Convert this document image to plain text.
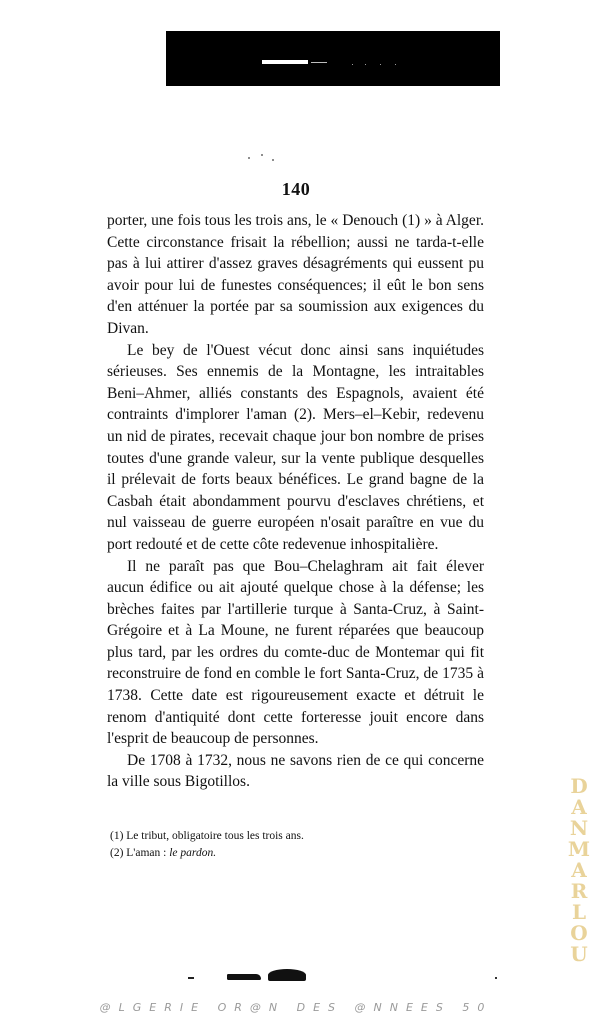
140

porter, une fois tous les trois ans, le « Denouch (1) » à Alger. Cette circonstance frisait la rébellion; aussi ne tarda-t-elle pas à lui attirer d'assez graves désagréments qui eussent pu avoir pour lui de funestes conséquences; il eût le bon sens d'en atténuer la portée par sa soumission aux exigences du Divan.

Le bey de l'Ouest vécut donc ainsi sans inquiétudes sérieuses. Ses ennemis de la Montagne, les intraitables Beni–Ahmer, alliés constants des Espagnols, avaient été contraints d'implorer l'aman (2). Mers–el–Kebir, redevenu un nid de pirates, recevait chaque jour bon nombre de prises toutes d'une grande valeur, sur la vente publique desquelles il prélevait de forts beaux bénéfices. Le grand bagne de la Casbah était abondamment pourvu d'esclaves chrétiens, et nul vaisseau de guerre européen n'osait paraître en vue du port redouté et de cette côte redevenue inhospitalière.

Il ne paraît pas que Bou–Chelaghram ait fait élever aucun édifice ou ait ajouté quelque chose à la défense; les brèches faites par l'artillerie turque à Santa-Cruz, à Saint-Grégoire et à La Moune, ne furent réparées que beaucoup plus tard, par les ordres du comte-duc de Montemar qui fit reconstruire de fond en comble le fort Santa-Cruz, de 1735 à 1738. Cette date est rigoureusement exacte et détruit le renom d'antiquité dont cette forteresse jouit encore dans l'esprit de beaucoup de personnes.

De 1708 à 1732, nous ne savons rien de ce qui concerne la ville sous Bigotillos.

(1) Le tribut, obligatoire tous les trois ans.

(2) L'aman : le pardon.

DANMARLOU
@LGERIE OR@N DES @NNEES 50
